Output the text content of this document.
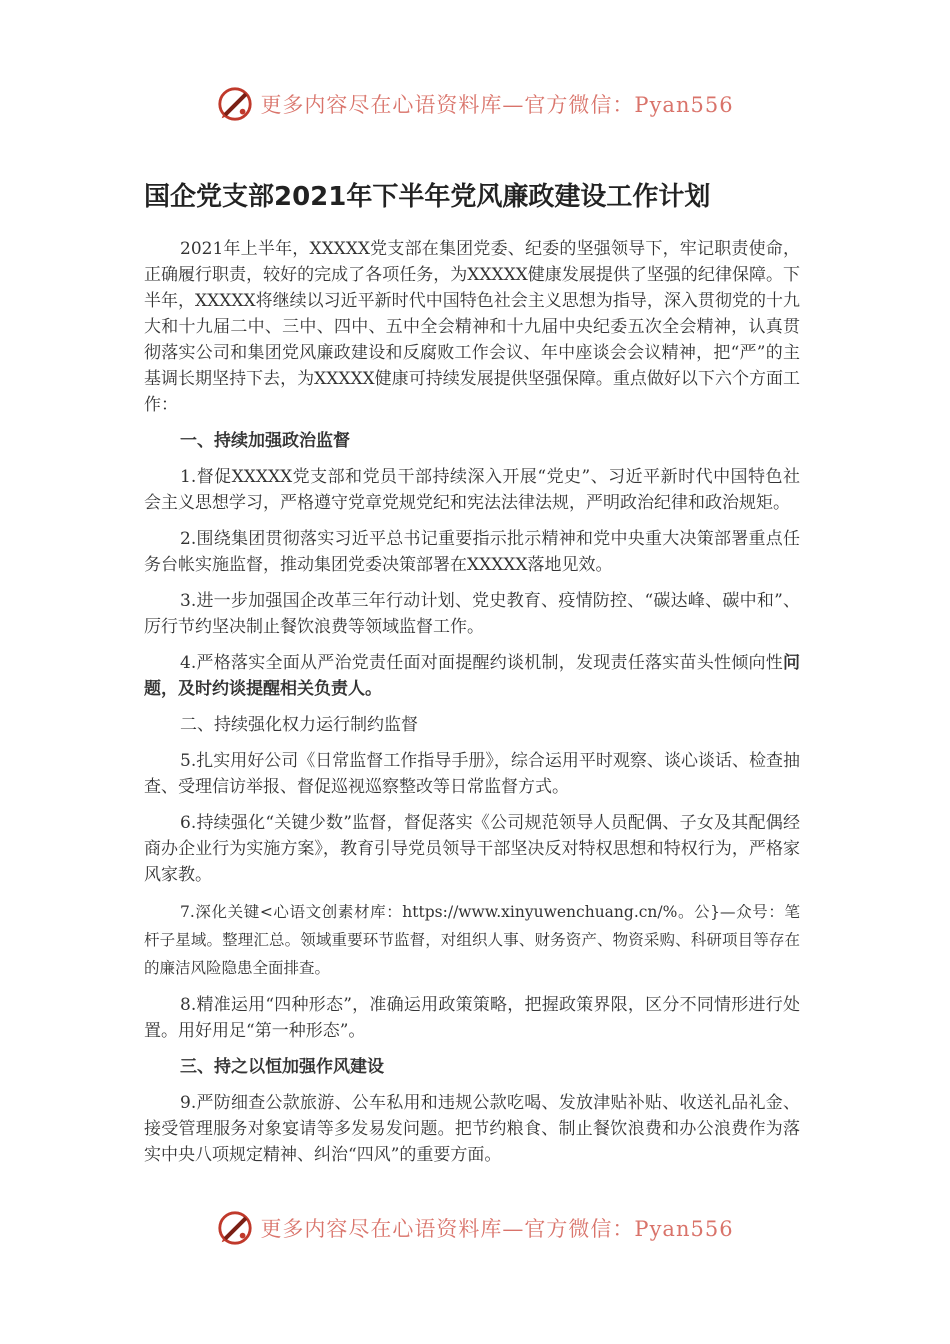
更多内容尽在心语资料库—官方微信：Pyan556
国企党支部2021年下半年党风廉政建设工作计划

2021年上半年，XXXXX党支部在集团党委、纪委的坚强领导下，牢记职责使命，正确履行职责，较好的完成了各项任务，为XXXXX健康发展提供了坚强的纪律保障。下半年，XXXXX将继续以习近平新时代中国特色社会主义思想为指导，深入贯彻党的十九大和十九届二中、三中、四中、五中全会精神和十九届中央纪委五次全会精神，认真贯彻落实公司和集团党风廉政建设和反腐败工作会议、年中座谈会会议精神，把“严”的主基调长期坚持下去，为XXXXX健康可持续发展提供坚强保障。重点做好以下六个方面工作：

一、持续加强政治监督

1.督促XXXXX党支部和党员干部持续深入开展“党史”、习近平新时代中国特色社会主义思想学习，严格遵守党章党规党纪和宪法法律法规，严明政治纪律和政治规矩。

2.围绕集团贯彻落实习近平总书记重要指示批示精神和党中央重大决策部署重点任务台帐实施监督，推动集团党委决策部署在XXXXX落地见效。

3.进一步加强国企改革三年行动计划、党史教育、疫情防控、“碳达峰、碳中和”、厉行节约坚决制止餐饮浪费等领域监督工作。

4.严格落实全面从严治党责任面对面提醒约谈机制，发现责任落实苗头性倾向性问题，及时约谈提醒相关负责人。

二、持续强化权力运行制约监督

5.扎实用好公司《日常监督工作指导手册》，综合运用平时观察、谈心谈话、检查抽查、受理信访举报、督促巡视巡察整改等日常监督方式。

6.持续强化“关键少数”监督，督促落实《公司规范领导人员配偶、子女及其配偶经商办企业行为实施方案》，教育引导党员领导干部坚决反对特权思想和特权行为，严格家风家教。

7.深化关键<心语文创素材库：https://www.xinyuwenchuang.cn/%。公}—众号：笔杆子星域。整理汇总。领域重要环节监督，对组织人事、财务资产、物资采购、科研项目等存在的廉洁风险隐患全面排查。

8.精准运用“四种形态”，准确运用政策策略，把握政策界限，区分不同情形进行处置。用好用足“第一种形态”。

三、持之以恒加强作风建设

9.严防细查公款旅游、公车私用和违规公款吃喝、发放津贴补贴、收送礼品礼金、接受管理服务对象宴请等多发易发问题。把节约粮食、制止餐饮浪费和办公浪费作为落实中央八项规定精神、纠治“四风”的重要方面。

更多内容尽在心语资料库—官方微信：Pyan556
